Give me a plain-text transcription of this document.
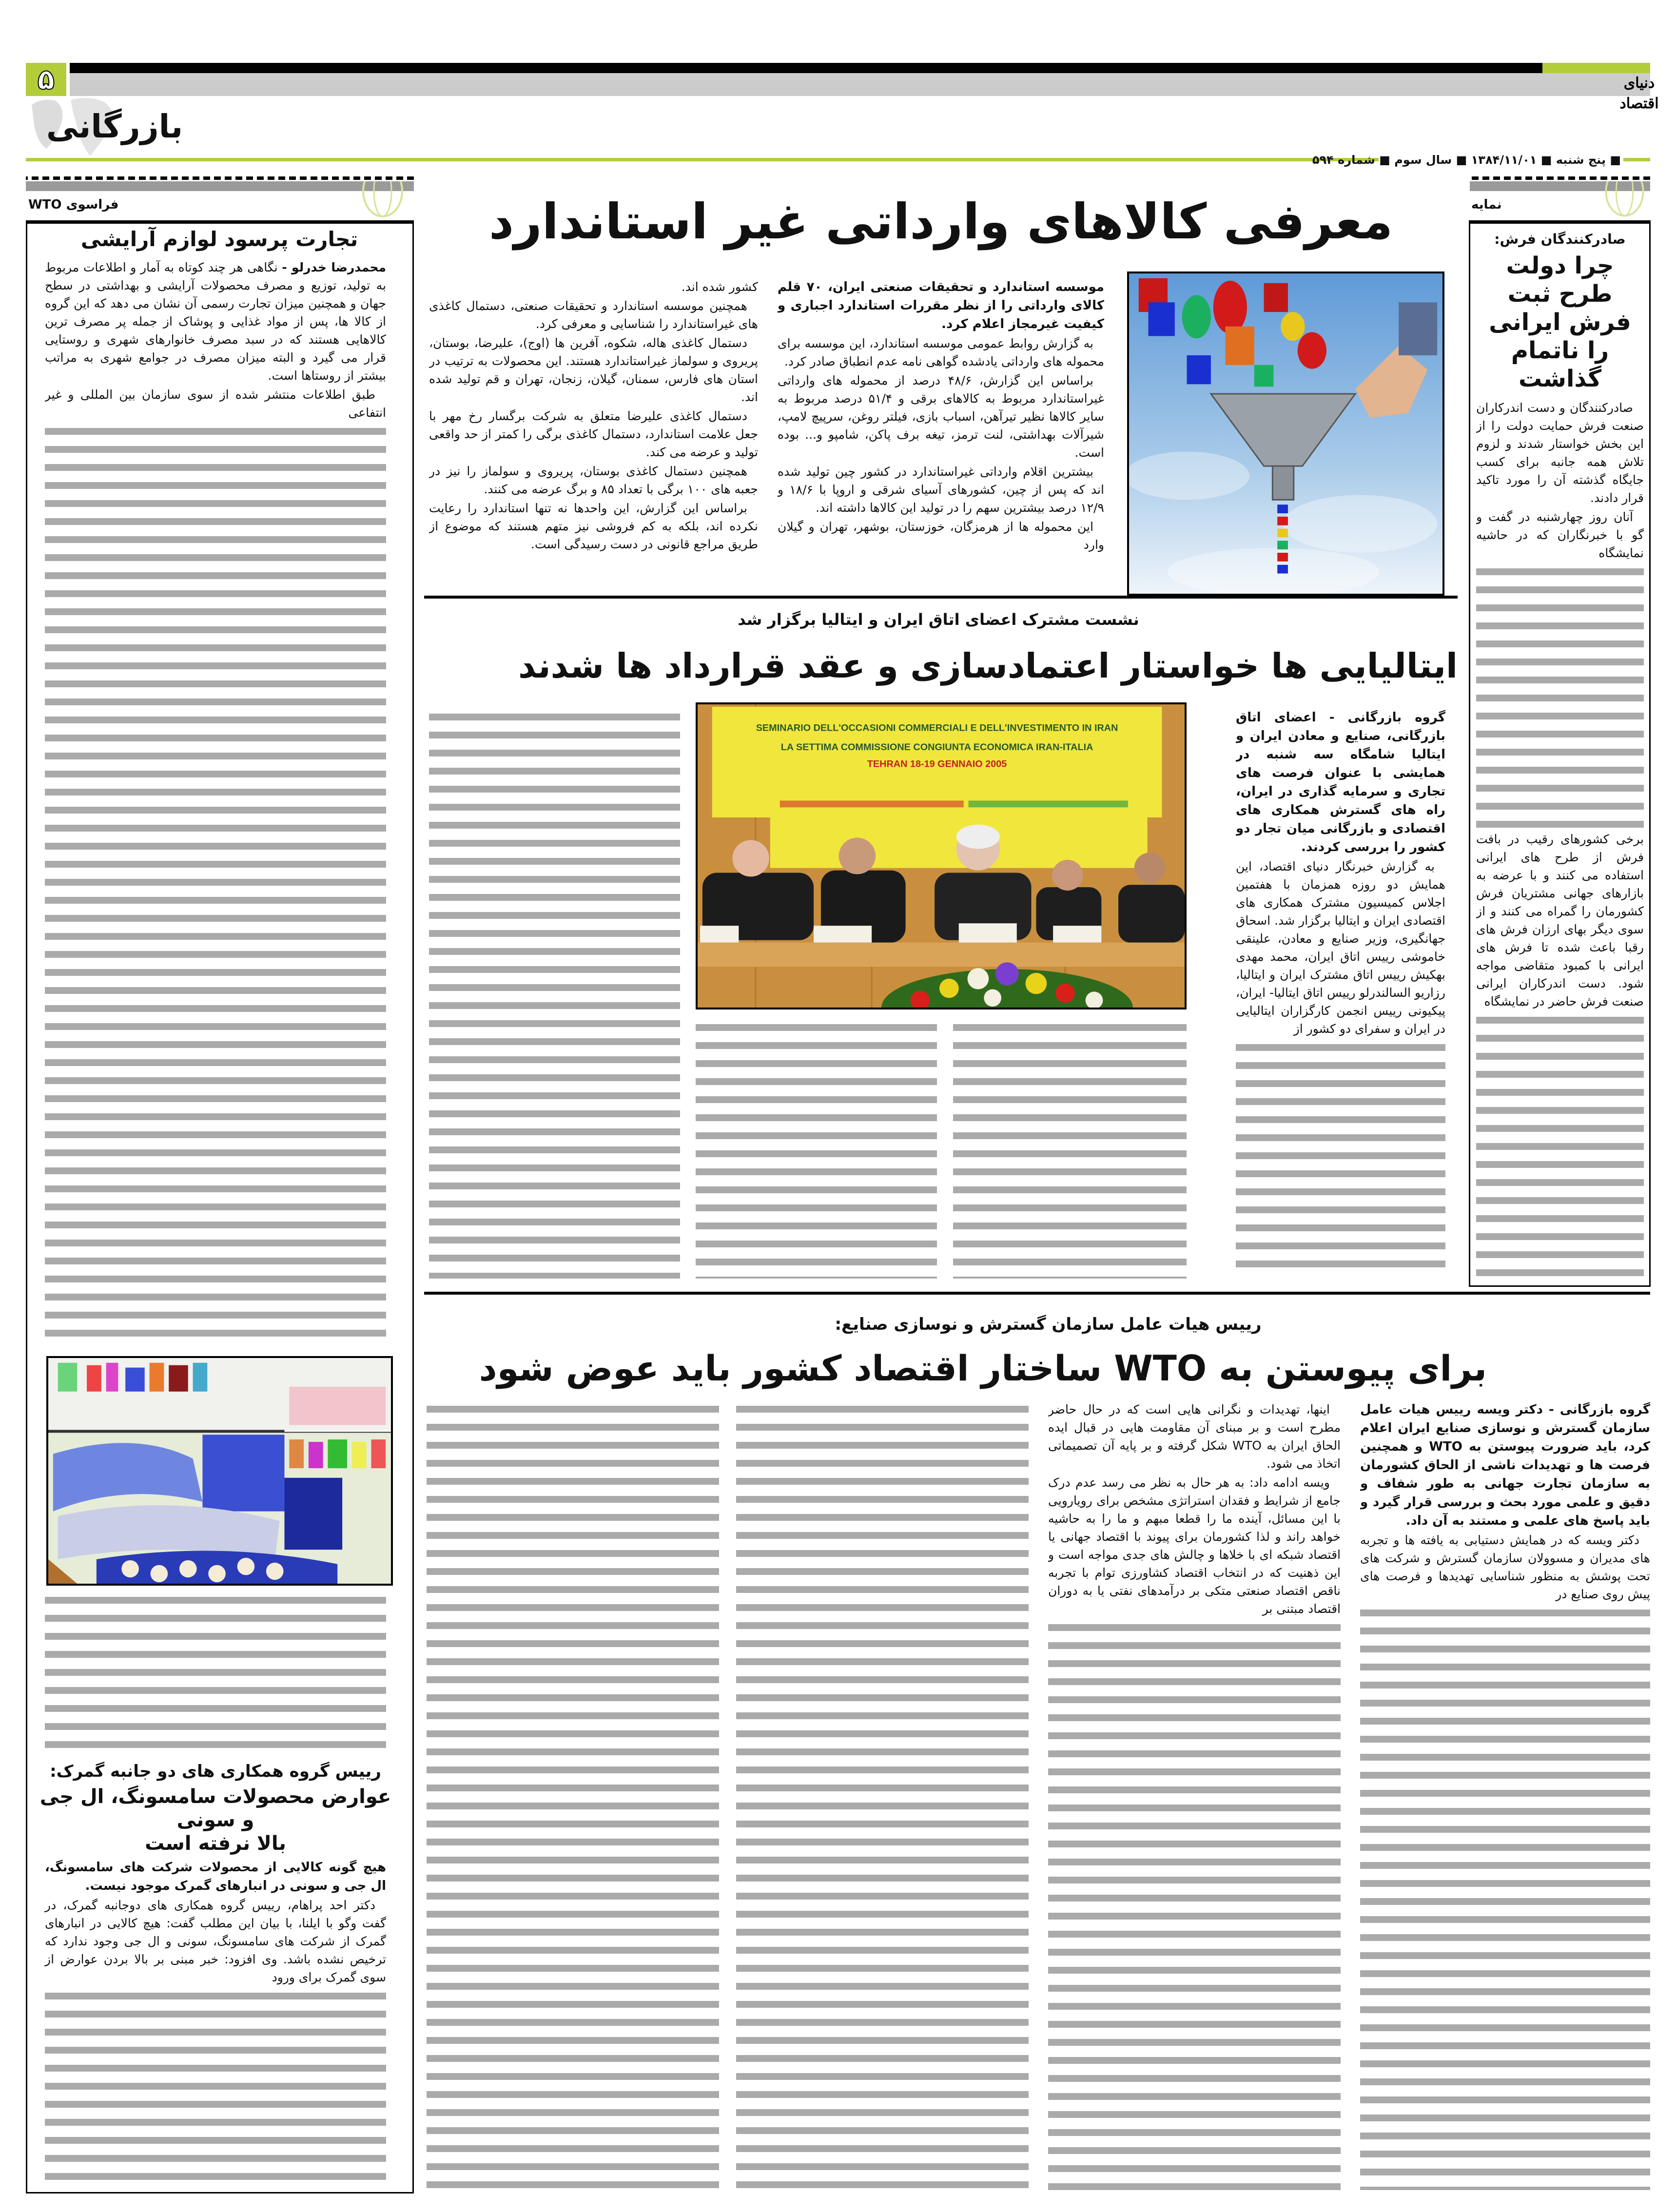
۵	دنیای اقتصاد
بازرگانی
■ پنج شنبه ■ ۱۳۸۴/۱۱/۰۱ ■ سال سوم ■ شماره ۵۹۴
فراسوی WTO
تجارت پرسود لوازم آرایشی

محمدرضا خدرلو - نگاهی هر چند کوتاه به آمار و اطلاعات مربوط به تولید، توزیع و مصرف محصولات آرایشی و بهداشتی در سطح جهان و همچنین میزان تجارت رسمی آن نشان می دهد که این گروه از کالا ها، پس از مواد غذایی و پوشاک از جمله پر مصرف ترین کالاهایی هستند که در سبد مصرف خانوارهای شهری و روستایی قرار می گیرد و البته میزان مصرف در جوامع شهری به مراتب بیشتر از روستاها است.

طبق اطلاعات منتشر شده از سوی سازمان بین المللی و غیر انتفاعی

رییس گروه همکاری های دو جانبه گمرک:
عوارض محصولات سامسونگ، ال جی و سونی
بالا نرفته است

هیچ گونه کالایی از محصولات شرکت های سامسونگ، ال جی و سونی در انبارهای گمرک موجود نیست.

دکتر احد پراهام، رییس گروه همکاری های دوجانبه گمرک، در گفت وگو با ایلنا، با بیان این مطلب گفت: هیچ کالایی در انبارهای گمرک از شرکت های سامسونگ، سونی و ال جی وجود ندارد که ترخیص نشده باشد. وی افزود: خبر مبنی بر بالا بردن عوارض از سوی گمرک برای ورود

نمایه
صادرکنندگان فرش:
چرا دولت طرح ثبت فرش ایرانی را ناتمام گذاشت

صادرکنندگان و دست اندرکاران صنعت فرش حمایت دولت را از این بخش خواستار شدند و لزوم تلاش همه جانبه برای کسب جایگاه گذشته آن را مورد تاکید قرار دادند.

آنان روز چهارشنبه در گفت و گو با خبرنگاران که در حاشیه نمایشگاه

برخی کشورهای رقیب در بافت فرش از طرح های ایرانی استفاده می کنند و با عرضه به بازارهای جهانی مشتریان فرش کشورمان را گمراه می کنند و از سوی دیگر بهای ارزان فرش های رقبا باعث شده تا فرش های ایرانی با کمبود متقاضی مواجه شود. دست اندرکاران ایرانی صنعت فرش حاضر در نمایشگاه

معرفی کالاهای وارداتی غیر استاندارد

موسسه استاندارد و تحقیقات صنعتی ایران، ۷۰ قلم کالای وارداتی را از نظر مقررات استاندارد اجباری و کیفیت غیرمجاز اعلام کرد.

به گزارش روابط عمومی موسسه استاندارد، این موسسه برای محموله های وارداتی یادشده گواهی نامه عدم انطباق صادر کرد.

براساس این گزارش، ۴۸/۶ درصد از محموله های وارداتی غیراستاندارد مربوط به کالاهای برقی و ۵۱/۴ درصد مربوط به سایر کالاها نظیر تیرآهن، اسباب بازی، فیلتر روغن، سرپیچ لامپ، شیرآلات بهداشتی، لنت ترمز، تیغه برف پاکن، شامپو و... بوده است.

بیشترین اقلام وارداتی غیراستاندارد در کشور چین تولید شده اند که پس از چین، کشورهای آسیای شرقی و اروپا با ۱۸/۶ و ۱۲/۹ درصد بیشترین سهم را در تولید این کالاها داشته اند.

این محموله ها از هرمزگان، خوزستان، بوشهر، تهران و گیلان وارد

کشور شده اند.

همچنین موسسه استاندارد و تحقیقات صنعتی، دستمال کاغذی های غیراستاندارد را شناسایی و معرفی کرد.

دستمال کاغذی هاله، شکوه، آفرین ها (اوج)، علیرضا، بوستان، پریروی و سولماز غیراستاندارد هستند. این محصولات به ترتیب در استان های فارس، سمنان، گیلان، زنجان، تهران و قم تولید شده اند.

دستمال کاغذی علیرضا متعلق به شرکت برگسار رخ مهر با جعل علامت استاندارد، دستمال کاغذی برگی را کمتر از حد واقعی تولید و عرضه می کند.

همچنین دستمال کاغذی بوستان، پریروی و سولماز را نیز در جعبه های ۱۰۰ برگی با تعداد ۸۵ و برگ عرضه می کنند.

براساس این گزارش، این واحدها نه تنها استاندارد را رعایت نکرده اند، بلکه به کم فروشی نیز متهم هستند که موضوع از طریق مراجع قانونی در دست رسیدگی است.

نشست مشترک اعضای اتاق ایران و ایتالیا برگزار شد
ایتالیایی ها خواستار اعتمادسازی و عقد قرارداد ها شدند

گروه بازرگانی - اعضای اتاق بازرگانی، صنایع و معادن ایران و ایتالیا شامگاه سه شنبه در همایشی با عنوان فرصت های تجاری و سرمایه گذاری در ایران، راه های گسترش همکاری های اقتصادی و بازرگانی میان تجار دو کشور را بررسی کردند.

به گزارش خبرنگار دنیای اقتصاد، این همایش دو روزه همزمان با هفتمین اجلاس کمیسیون مشترک همکاری های اقتصادی ایران و ایتالیا برگزار شد. اسحاق جهانگیری، وزیر صنایع و معادن، علینقی خاموشی رییس اتاق ایران، محمد مهدی بهکیش رییس اتاق مشترک ایران و ایتالیا، رزاریو السالندرلو رییس اتاق ایتالیا- ایران، پیکیونی رییس انجمن کارگزاران ایتالیایی در ایران و سفرای دو کشور از

SEMINARIO DELL'OCCASIONI COMMERCIALI E DELL'INVESTIMENTO IN IRAN
LA SETTIMA COMMISSIONE CONGIUNTA ECONOMICA IRAN-ITALIA
TEHRAN 18-19 GENNAIO 2005
رییس هیات عامل سازمان گسترش و نوسازی صنایع:
برای پیوستن به WTO ساختار اقتصاد کشور باید عوض شود

گروه بازرگانی - دکتر ویسه رییس هیات عامل سازمان گسترش و نوسازی صنایع ایران اعلام کرد، باید ضرورت پیوستن به WTO و همچنین فرصت ها و تهدیدات ناشی از الحاق کشورمان به سازمان تجارت جهانی به طور شفاف و دقیق و علمی مورد بحث و بررسی قرار گیرد و باید پاسخ های علمی و مستند به آن داد.

دکتر ویسه که در همایش دستیابی به یافته ها و تجربه های مدیران و مسوولان سازمان گسترش و شرکت های تحت پوشش به منظور شناسایی تهدیدها و فرصت های پیش روی صنایع در

اینها، تهدیدات و نگرانی هایی است که در حال حاضر مطرح است و بر مبنای آن مقاومت هایی در قبال ایده الحاق ایران به WTO شکل گرفته و بر پایه آن تصمیماتی اتخاذ می شود.

ویسه ادامه داد: به هر حال به نظر می رسد عدم درک جامع از شرایط و فقدان استراتژی مشخص برای رویارویی با این مسائل، آینده ما را قطعا مبهم و ما را به حاشیه خواهد راند و لذا کشورمان برای پیوند با اقتصاد جهانی یا اقتصاد شبکه ای با خلاها و چالش های جدی مواجه است و این ذهنیت که در انتخاب اقتصاد کشاورزی توام با تجربه ناقص اقتصاد صنعتی متکی بر درآمدهای نفتی یا به دوران اقتصاد مبتنی بر
